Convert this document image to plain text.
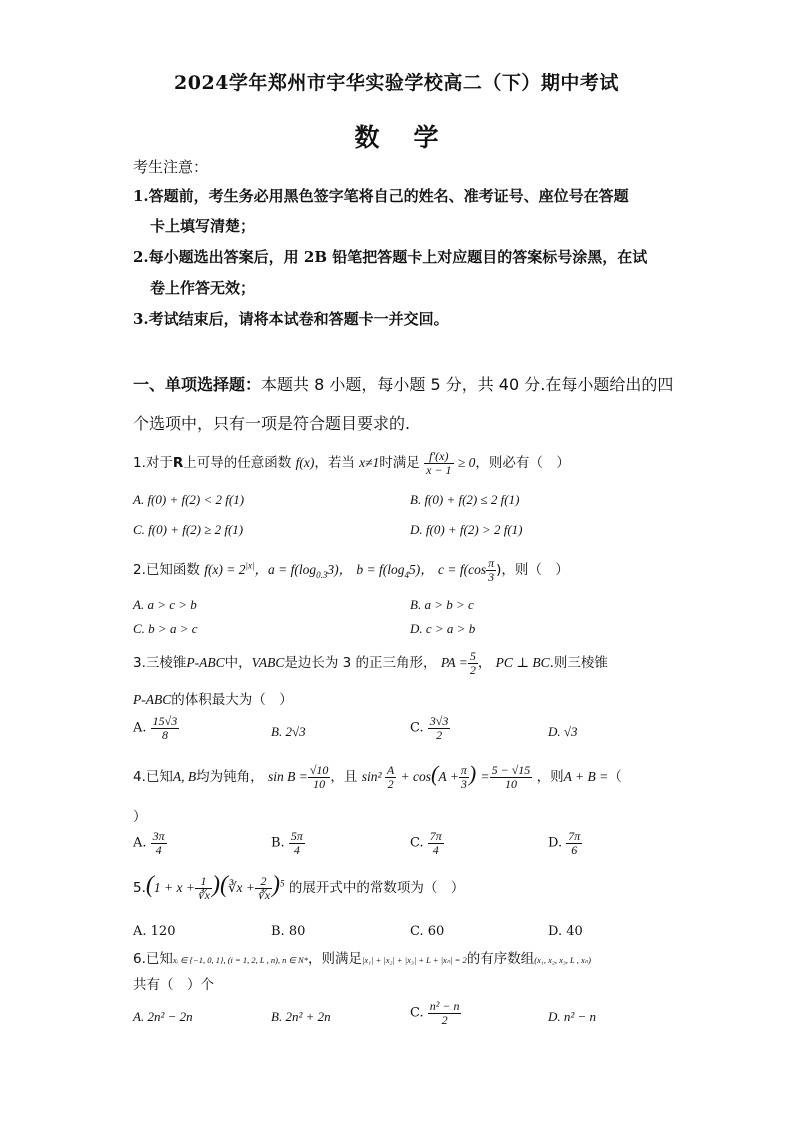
2024学年郑州市宇华实验学校高二（下）期中考试
数学
考生注意：
1.答题前，考生务必用黑色签字笔将自己的姓名、准考证号、座位号在答题
卡上填写清楚；
2.每小题选出答案后，用 2B 铅笔把答题卡上对应题目的答案标号涂黑，在试
卷上作答无效；
3.考试结束后，请将本试卷和答题卡一并交回。
一、单项选择题：本题共 8 小题，每小题 5 分，共 40 分.在每小题给出的四
个选项中，只有一项是符合题目要求的.
1.对于R上可导的任意函数 f(x)，若当 x≠1时满足 $\frac{f'(x)}{x - 1} \ge 0$，则必有（　）
A. f(0) + f(2) < 2 f(1)	B. f(0) + f(2) ≤ 2 f(1)
C. f(0) + f(2) ≥ 2 f(1)	D. f(0) + f(2) > 2 f(1)
2.已知函数 $f(x) = 2^{|x|}$，$a = f(\log_{0.3}3)$， $b = f(\log_45)$， $c = f(\cos \frac{\pi}{3}$ )，则（　）
A. a > c > b	B. a > b > c
C. b > a > c	D. c > a > b
3.三棱锥P-ABC中，VABC是边长为 3 的正三角形， PA = $\frac{5}{2}$ ， PC ⊥ BC.则三棱锥
P-ABC的体积最大为（　）
A. $\frac{15√3}{8}$	B. 2√3	C. $\frac{3√3}{2}$	D. √3
4.已知A, B均为钝角， $\sin B = \frac{√10}{10}$ ，且 $\sin^2 \frac{A}{2} + \cos(A + \frac{\pi}{3}$ ) = $\frac{5 - √15}{10}$ ，则A + B =（
）
A. $\frac{3\pi}{4}$	B. $\frac{5\pi}{4}$	C. $\frac{7\pi}{4}$	D. $\frac{7\pi}{6}$
$5.(1 + x + \frac{1}{∛x}$ )(∛x + $\frac{2}{∛x} )^5$ 的展开式中的常数项为（　）
A. 120	B. 80	C. 60	D. 40
6.已知xᵢ ∈ {−1, 0, 1}, (i = 1, 2, L , n), n ∈ N*，则满足|x₁| + |x₂| + |x₃| + L + |xₙ| = 2的有序数组(x₁, x₂, x₃, L , xₙ)
共有（　）个
A. 2n² − 2n	B. 2n² + 2n	C. $\frac{\text{n² − n}}{2}$	D. n² − n
